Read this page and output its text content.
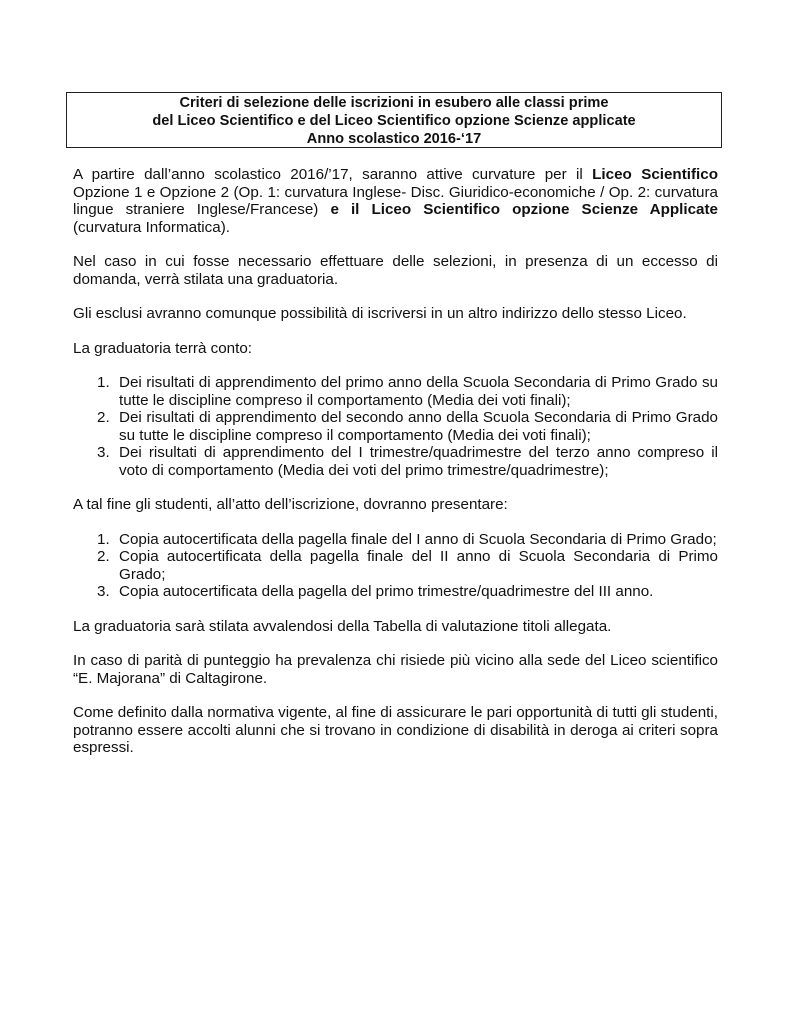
Criteri di selezione delle iscrizioni in esubero alle classi prime
del Liceo Scientifico e del Liceo Scientifico opzione Scienze applicate
Anno scolastico 2016-‘17

A partire dall’anno scolastico 2016/’17, saranno attive curvature per il Liceo Scientifico Opzione 1 e Opzione 2 (Op. 1: curvatura Inglese- Disc. Giuridico-economiche / Op. 2: curvatura lingue straniere Inglese/Francese) e il Liceo Scientifico opzione Scienze Applicate (curvatura Informatica).

Nel caso in cui fosse necessario effettuare delle selezioni, in presenza di un eccesso di domanda, verrà stilata una graduatoria.

Gli esclusi avranno comunque possibilità di iscriversi in un altro indirizzo dello stesso Liceo.

La graduatoria terrà conto:

1. Dei risultati di apprendimento del primo anno della Scuola Secondaria di Primo Grado su tutte le discipline compreso il comportamento (Media dei voti finali);
2. Dei risultati di apprendimento del secondo anno della Scuola Secondaria di Primo Grado su tutte le discipline compreso il comportamento (Media dei voti finali);
3. Dei risultati di apprendimento del I trimestre/quadrimestre del terzo anno compreso il voto di comportamento (Media dei voti del primo trimestre/quadrimestre);

A tal fine gli studenti, all’atto dell’iscrizione, dovranno presentare:

1. Copia autocertificata della pagella finale del I anno di Scuola Secondaria di Primo Grado;
2. Copia autocertificata della pagella finale del II anno di Scuola Secondaria di Primo Grado;
3. Copia autocertificata della pagella del primo trimestre/quadrimestre del III anno.

La graduatoria sarà stilata avvalendosi della Tabella di valutazione titoli allegata.

In caso di parità di punteggio ha prevalenza chi risiede più vicino alla sede del Liceo scientifico “E. Majorana” di Caltagirone.

Come definito dalla normativa vigente, al fine di assicurare le pari opportunità di tutti gli studenti, potranno essere accolti alunni che si trovano in condizione di disabilità in deroga ai criteri sopra espressi.
